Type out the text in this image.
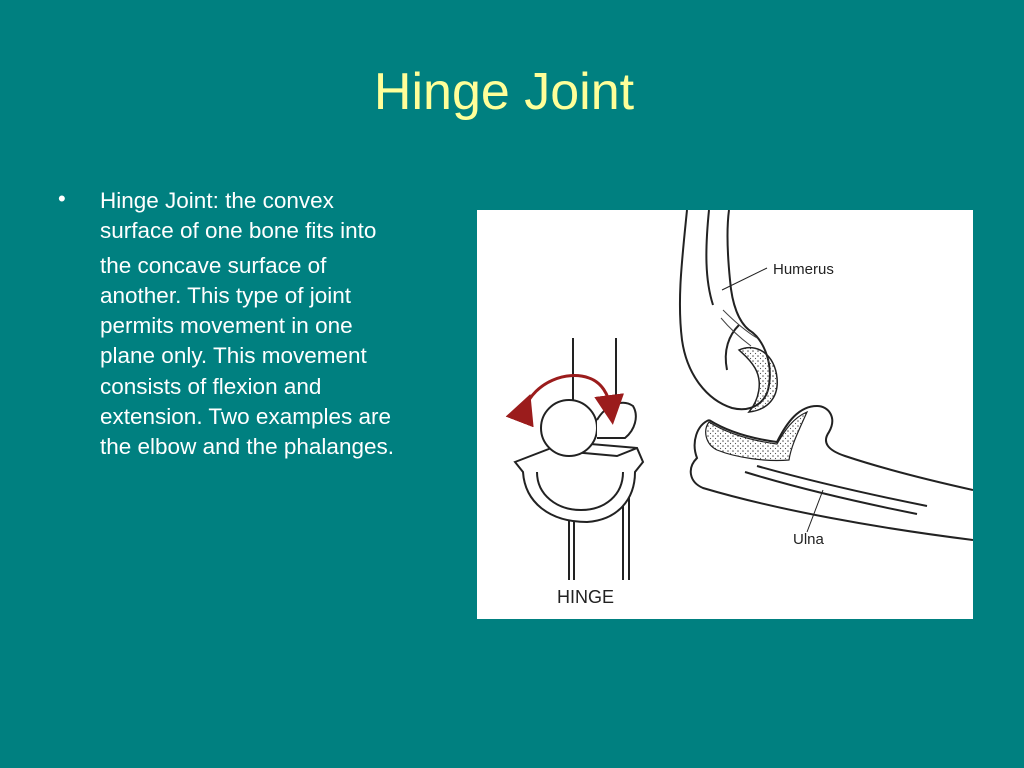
Hinge Joint
• Hinge Joint: the convex
surface of one bone fits into
the concave surface of
another. This type of joint
permits movement in one
plane only. This movement
consists of flexion and
extension. Two examples are
the elbow and the phalanges.
Humerus
Ulna
HINGE
T
